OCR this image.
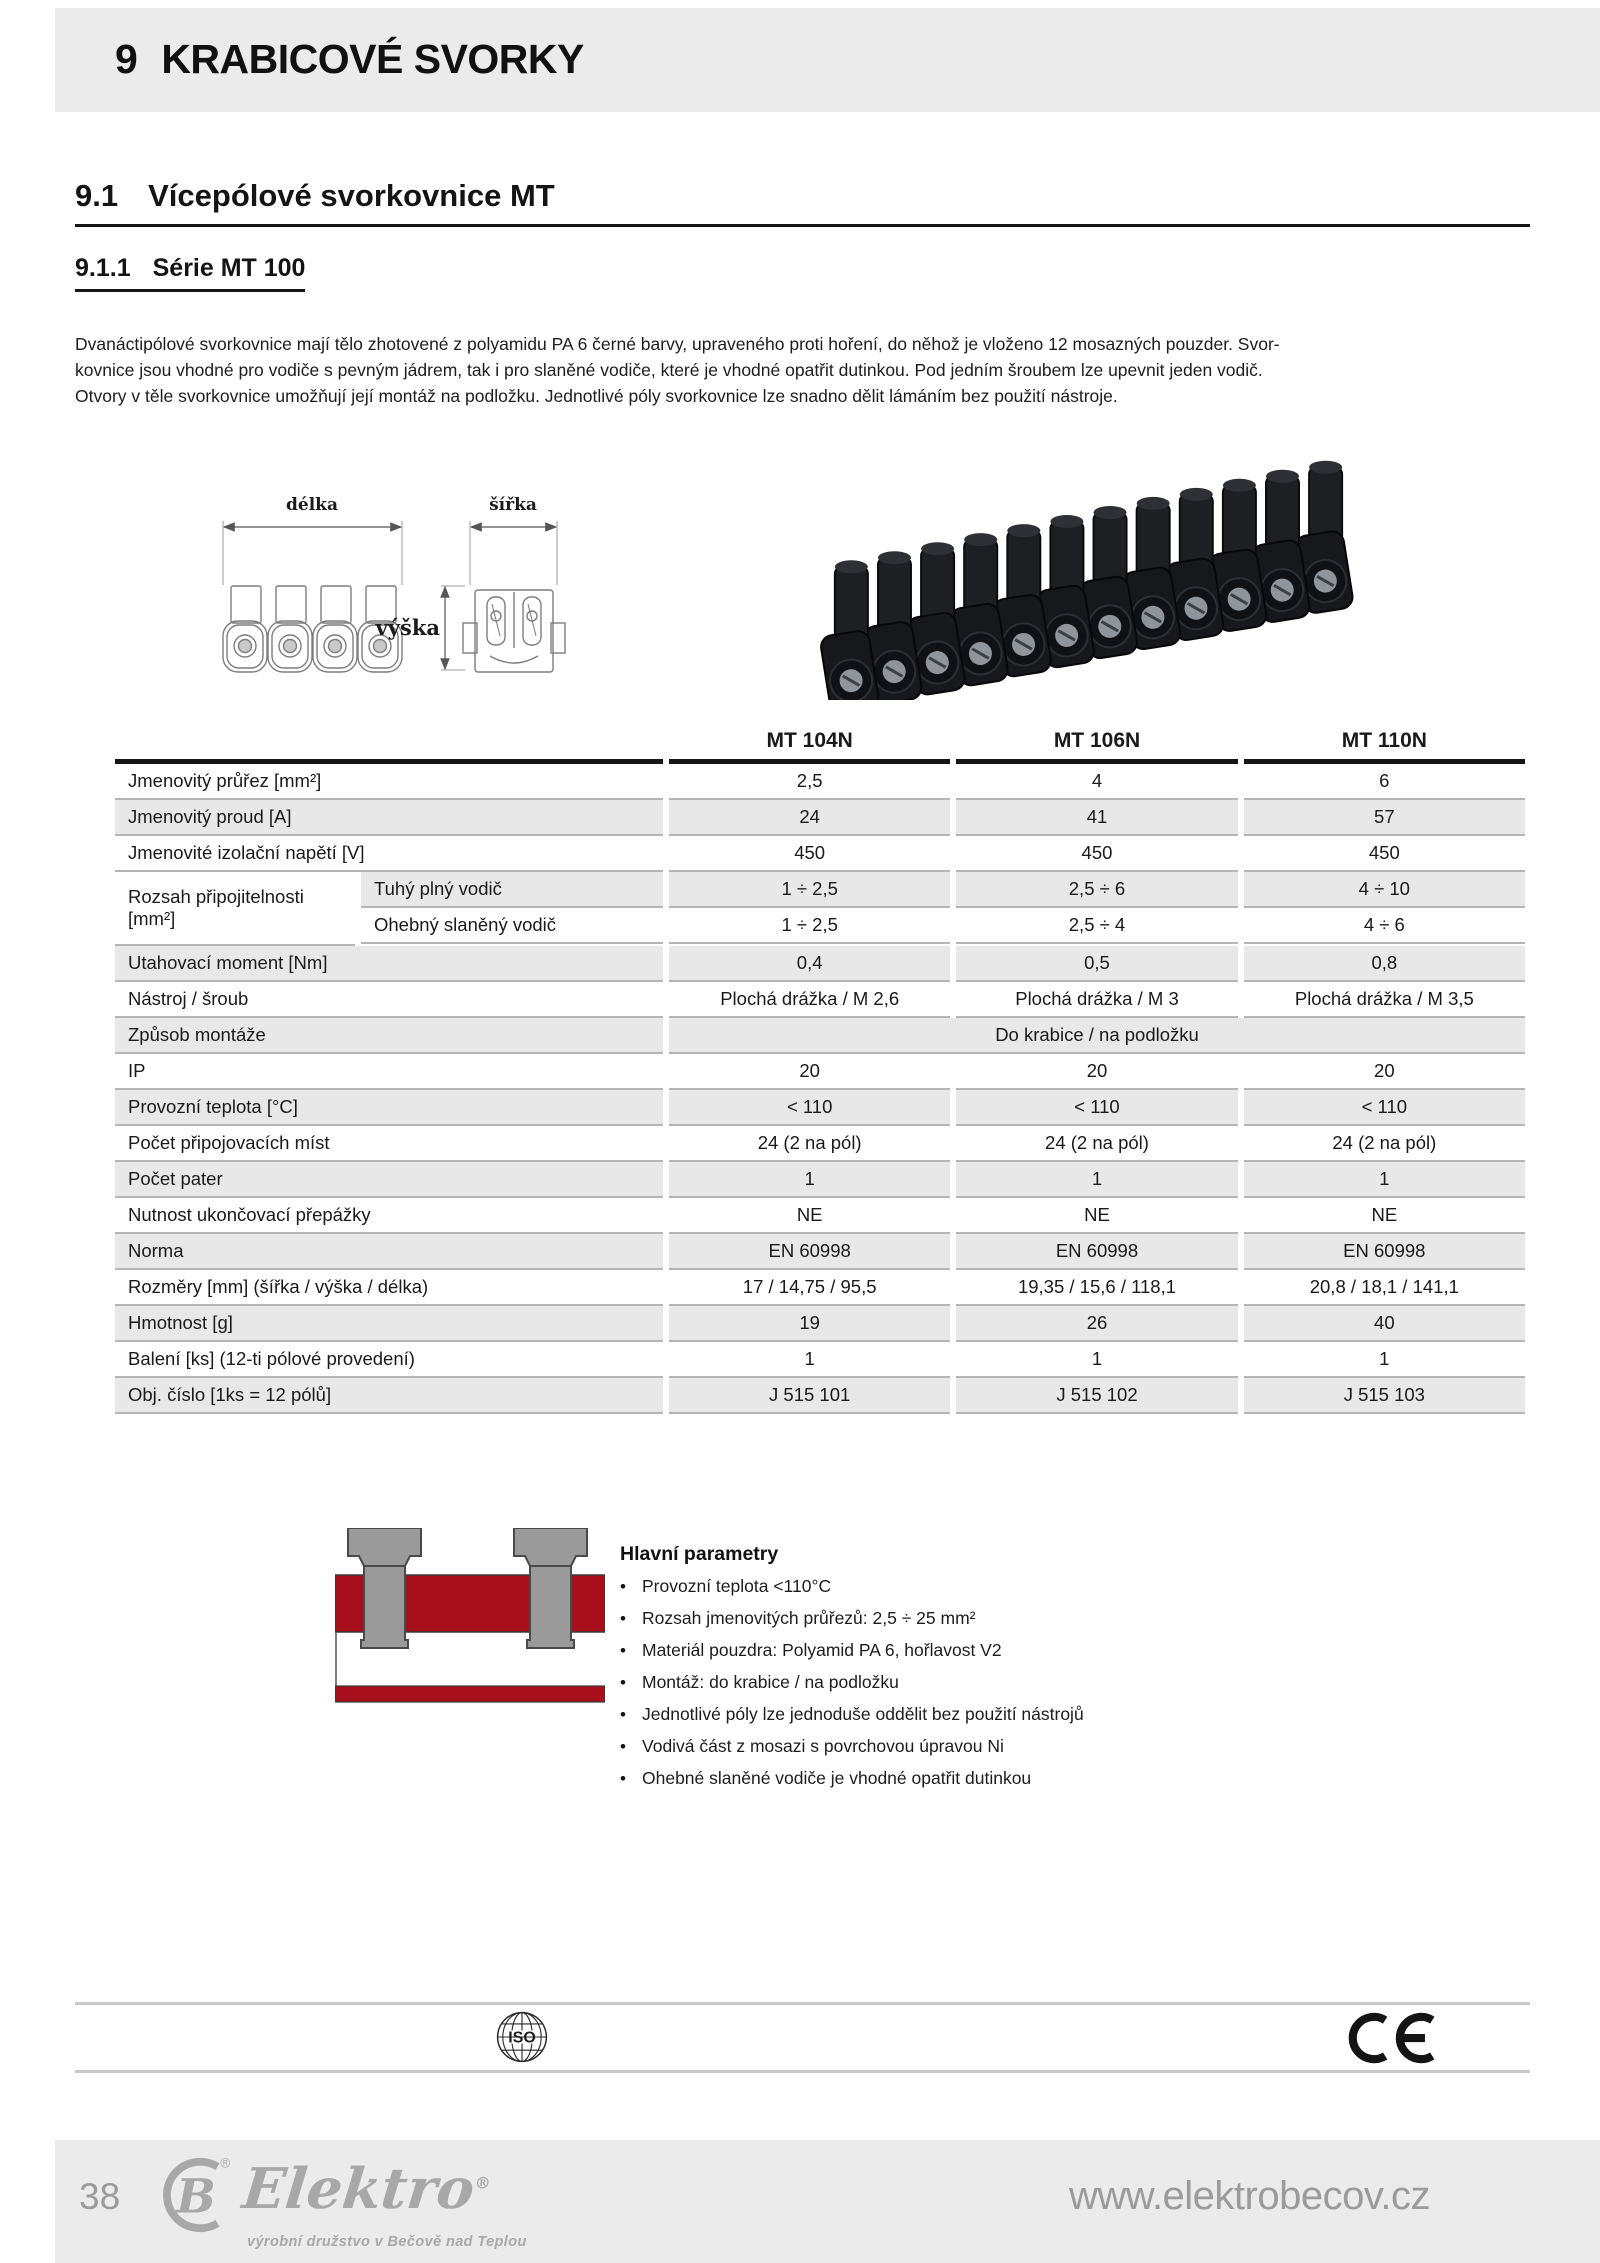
9 KRABICOVÉ SVORKY
9.1 Vícepólové svorkovnice MT
9.1.1 Série MT 100
Dvanáctipólové svorkovnice mají tělo zhotovené z polyamidu PA 6 černé barvy, upraveného proti hoření, do něhož je vloženo 12 mosazných pouzder. Svor-
kovnice jsou vhodné pro vodiče s pevným jádrem, tak i pro slaněné vodiče, které je vhodné opatřit dutinkou. Pod jedním šroubem lze upevnit jeden vodič.
Otvory v těle svorkovnice umožňují její montáž na podložku. Jednotlivé póly svorkovnice lze snadno dělit lámáním bez použití nástroje.
délka	šířka
výška
MT 104N	MT 106N	MT 110N
Jmenovitý průřez [mm²]	2,5	4	6
Jmenovitý proud [A]	24	41	57
Jmenovité izolační napětí [V]	450	450	450
Rozsah připojitelnosti [mm²]
Tuhý plný vodič	1 ÷ 2,5	2,5 ÷ 6	4 ÷ 10
Ohebný slaněný vodič	1 ÷ 2,5	2,5 ÷ 4	4 ÷ 6
Utahovací moment [Nm]	0,4	0,5	0,8
Nástroj / šroub	Plochá drážka / M 2,6	Plochá drážka / M 3	Plochá drážka / M 3,5
Způsob montáže	Do krabice / na podložku
IP	20	20	20
Provozní teplota [°C]	< 110	< 110	< 110
Počet připojovacích míst	24 (2 na pól)	24 (2 na pól)	24 (2 na pól)
Počet pater	1	1	1
Nutnost ukončovací přepážky	NE	NE	NE
Norma	EN 60998	EN 60998	EN 60998
Rozměry [mm] (šířka / výška / délka)	17 / 14,75 / 95,5	19,35 / 15,6 / 118,1	20,8 / 18,1 / 141,1
Hmotnost [g]	19	26	40
Balení [ks] (12-ti pólové provedení)	1	1	1
Obj. číslo [1ks = 12 pólů]	J 515 101	J 515 102	J 515 103
Hlavní parametry
• Provozní teplota <110°C
• Rozsah jmenovitých průřezů: 2,5 ÷ 25 mm²
• Materiál pouzdra: Polyamid PA 6, hořlavost V2
• Montáž: do krabice / na podložku
• Jednotlivé póly lze jednoduše oddělit bez použití nástrojů
• Vodivá část z mosazi s povrchovou úpravou Ni
• Ohebné slaněné vodiče je vhodné opatřit dutinkou
ISO
38 B
® Elektro®
výrobní družstvo v Bečově nad Teplou
www.elektrobecov.cz
